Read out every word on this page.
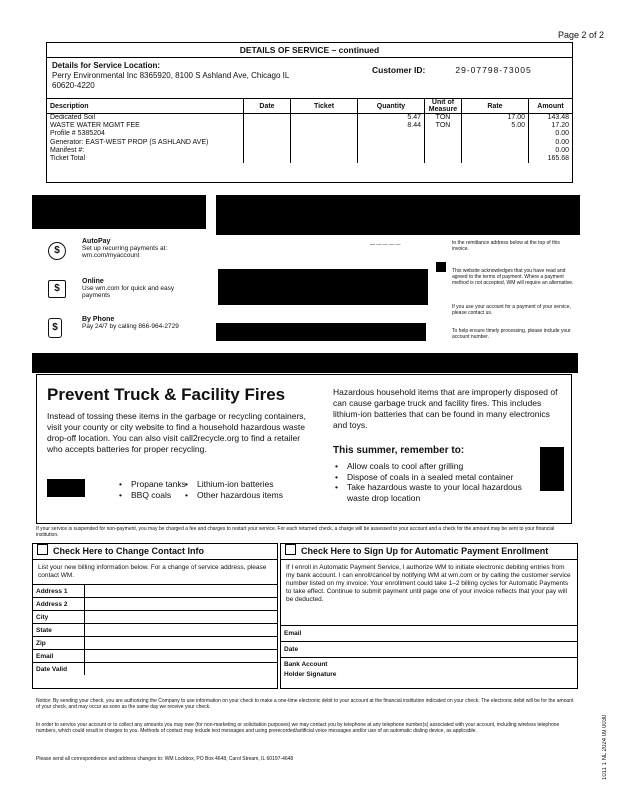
Page 2 of 2
DETAILS OF SERVICE – continued
Details for Service Location:
Perry Environmental Inc 8365920, 8100 S Ashland Ave, Chicago IL
60620-4220
Customer ID:	29-07798-73005
Description	Date	Ticket	Quantity	Unit of Measure	Rate	Amount
Dedicated Soil			5.47	TON	17.00	143.48
WASTE WATER MGMT FEE			8.44	TON	5.00	17.20
Profile # 5385204						0.00
Generator: EAST-WEST PROP (S ASHLAND AVE)						0.00
Manifest #:						0.00
Ticket Total						165.68
$
AutoPay
Set up recurring payments at: wm.com/myaccount
$
Online
Use wm.com for quick and easy payments
$
By Phone
Pay 24/7 by calling 866-964-2729
— — — — —	to the remittance address below at the top of this invoice.
This website acknowledges that you have read and agreed to the terms of payment. Where a payment method is not accepted, WM will require an alternative.
If you use your account for a payment of your service, please contact us.
To help ensure timely processing, please include your account number.
Prevent Truck & Facility Fires
Instead of tossing these items in the garbage or recycling containers, visit your county or city website to find a household hazardous waste drop-off location. You can also visit call2recycle.org to find a retailer who accepts batteries for proper recycling.
• Propane tanks
• BBQ coals
• Lithium-ion batteries
• Other hazardous items
Hazardous household items that are improperly disposed of can cause garbage truck and facility fires. This includes lithium-ion batteries that can be found in many electronics and toys.
This summer, remember to:
• Allow coals to cool after grilling
• Dispose of coals in a sealed metal container
• Take hazardous waste to your local hazardous waste drop location
If your service is suspended for non-payment, you may be charged a fee and charges to restart your service. For each returned check, a charge will be assessed to your account and a check for the amount may be sent to your financial institution.
Check Here to Change Contact Info
List your new billing information below. For a change of service address, please contact WM.
Address 1
Address 2
City
State
Zip
Email
Date Valid
Check Here to Sign Up for Automatic Payment Enrollment
If I enroll in Automatic Payment Service, I authorize WM to initiate electronic debiting entries from my bank account. I can enroll/cancel by notifying WM at wm.com or by calling the customer service number listed on my invoice. Your enrollment could take 1–2 billing cycles for Automatic Payments to take effect. Continue to submit payment until page one of your invoice reflects that your pay will be deducted.
Email
Date
Bank Account Holder Signature
Notice: By sending your check, you are authorizing the Company to use information on your check to make a one-time electronic debit to your account at the financial institution indicated on your check. The electronic debit will be for the amount of your check, and may occur as soon as the same day we receive your check.
In order to service your account or to collect any amounts you may owe (for non-marketing or solicitation purposes) we may contact you by telephone at any telephone number(s) associated with your account, including wireless telephone numbers, which could result in charges to you. Methods of contact may include text messages and using prerecorded/artificial voice messages and/or use of an automatic dialing device, as applicable.
Please send all correspondence and address changes to: WM Lockbox, PO Box 4648, Carol Stream, IL 60197-4648	1011 1 NL 2024 09 0030
